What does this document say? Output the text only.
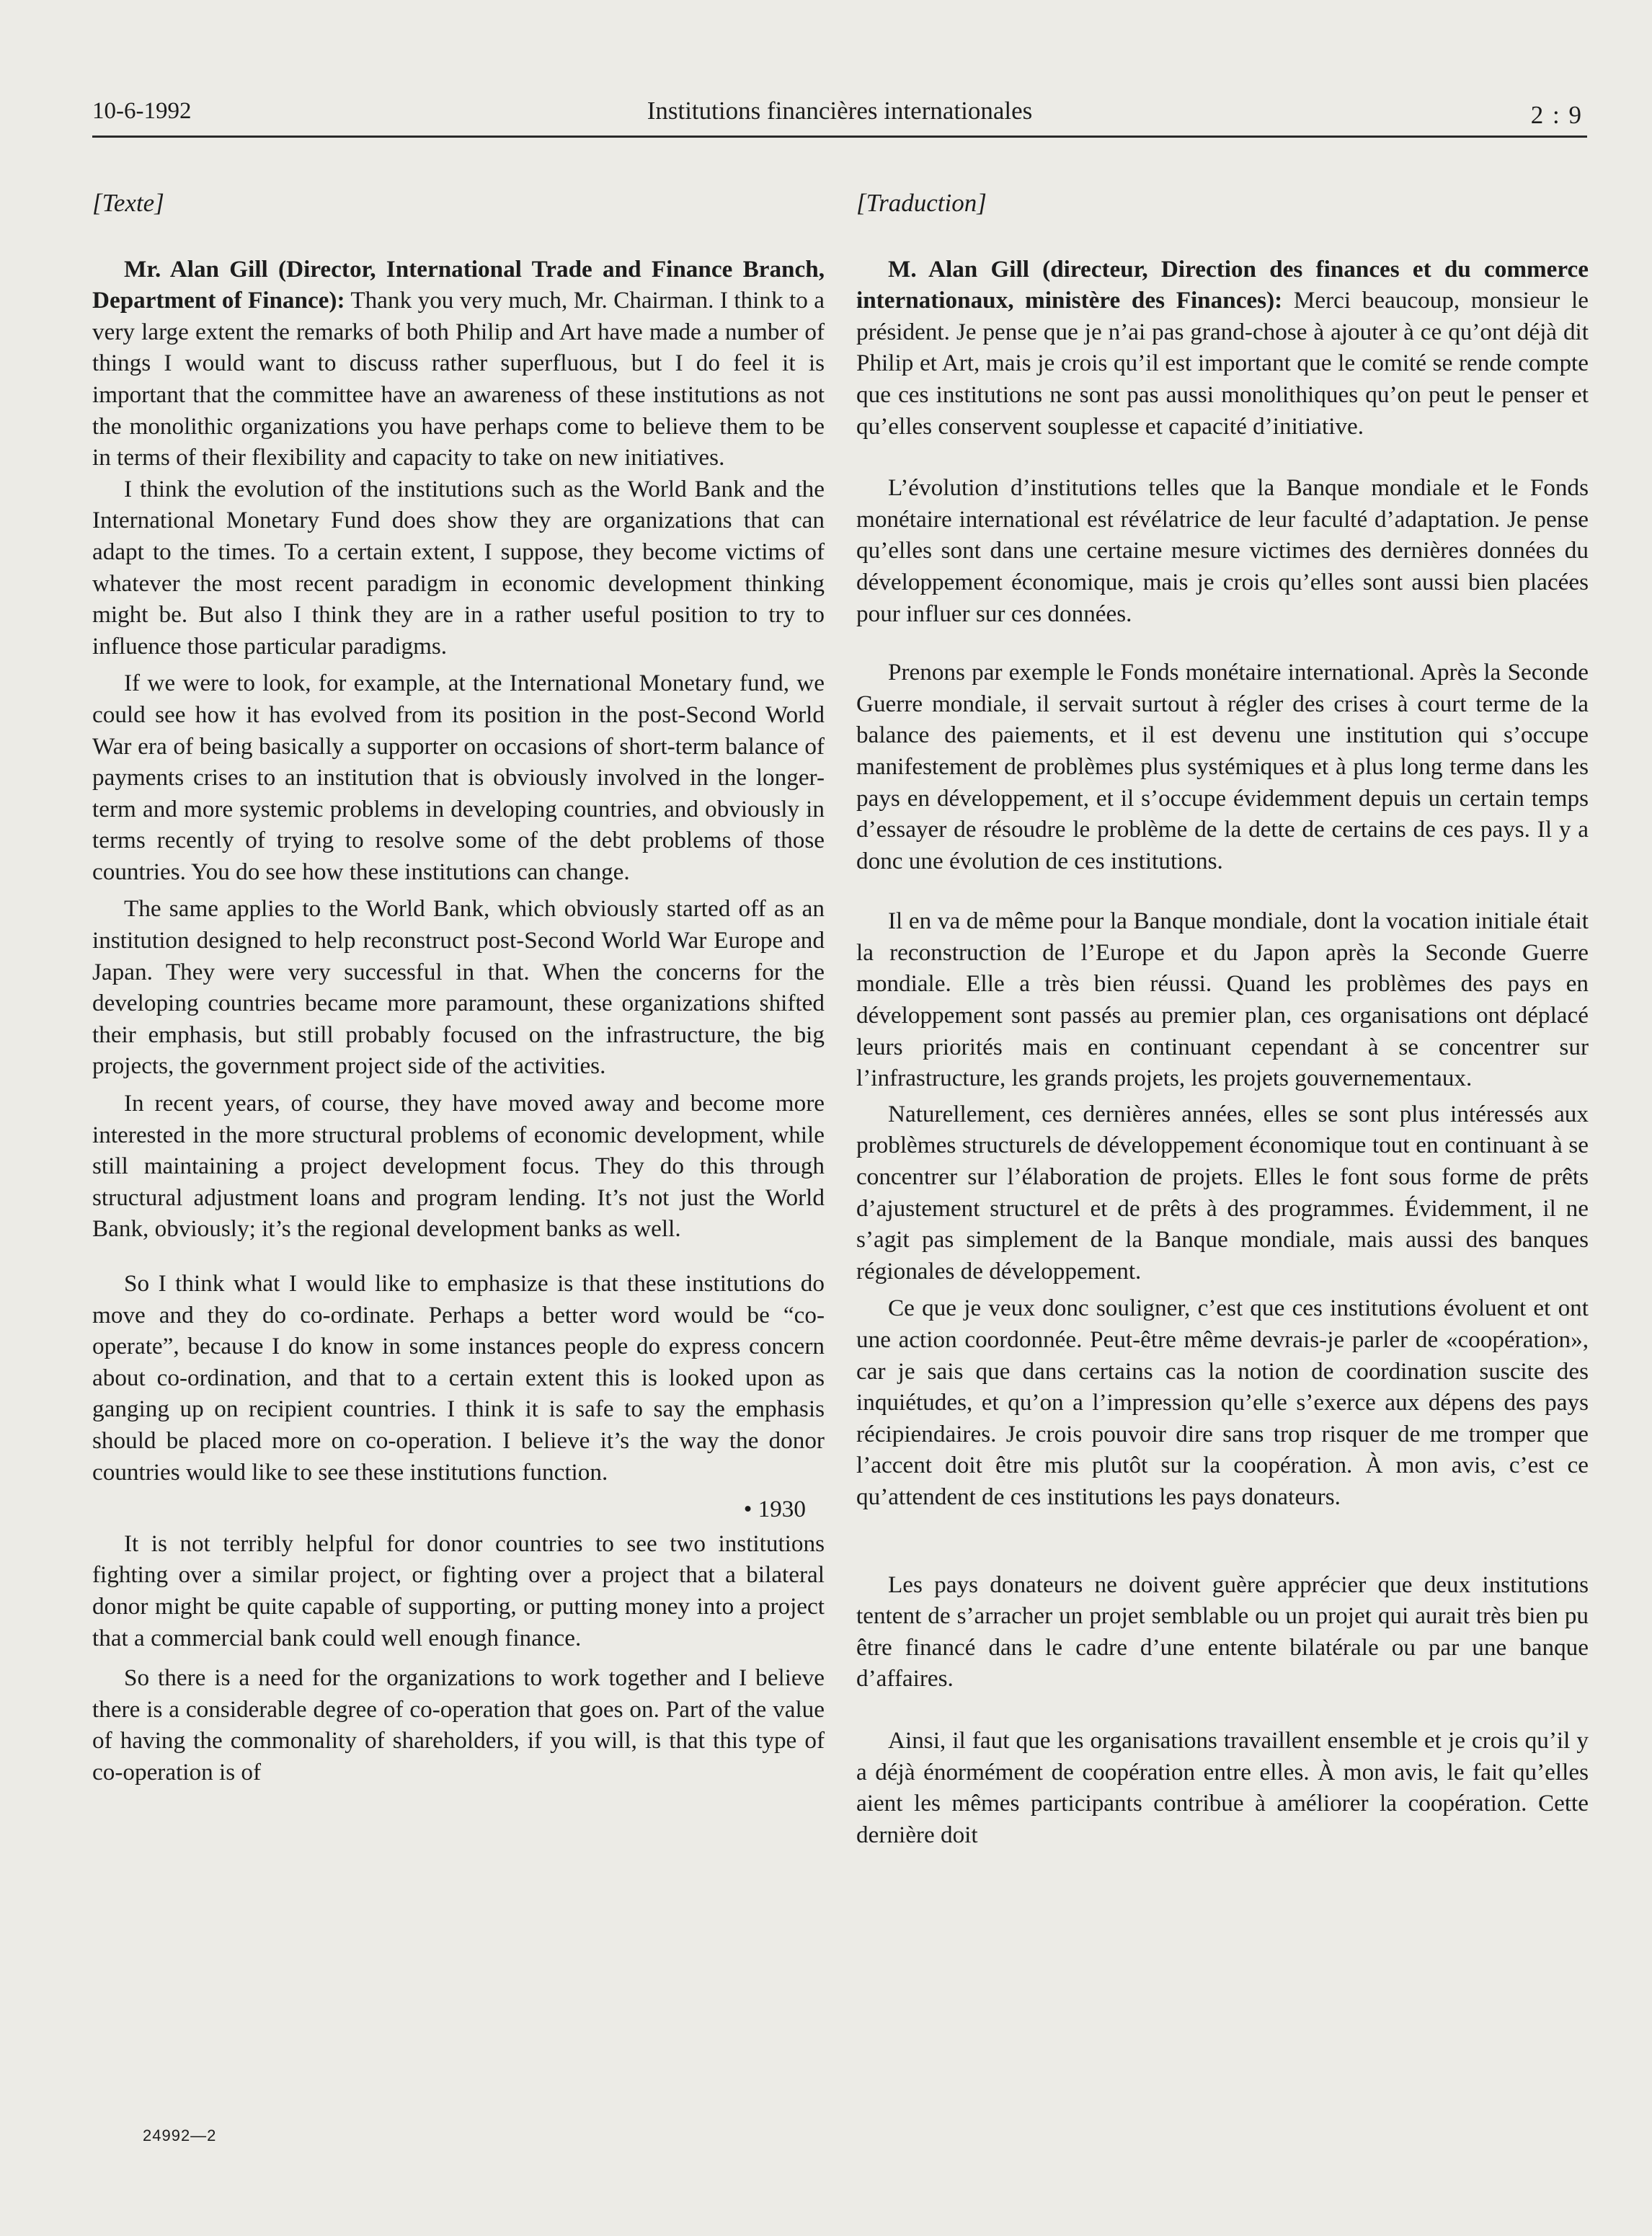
10-6-1992	Institutions financières internationales	2 : 9

[Texte]

Mr. Alan Gill (Director, International Trade and Finance Branch, Department of Finance): Thank you very much, Mr. Chairman. I think to a very large extent the remarks of both Philip and Art have made a number of things I would want to discuss rather superfluous, but I do feel it is important that the committee have an awareness of these institutions as not the monolithic organizations you have perhaps come to believe them to be in terms of their flexibility and capacity to take on new initiatives.

I think the evolution of the institutions such as the World Bank and the International Monetary Fund does show they are organizations that can adapt to the times. To a certain extent, I suppose, they become victims of whatever the most recent paradigm in economic development thinking might be. But also I think they are in a rather useful position to try to influence those particular paradigms.

If we were to look, for example, at the International Monetary fund, we could see how it has evolved from its position in the post-Second World War era of being basically a supporter on occasions of short-term balance of payments crises to an institution that is obviously involved in the longer-term and more systemic problems in developing countries, and obviously in terms recently of trying to resolve some of the debt problems of those countries. You do see how these institutions can change.

The same applies to the World Bank, which obviously started off as an institution designed to help reconstruct post-Second World War Europe and Japan. They were very successful in that. When the concerns for the developing countries became more paramount, these organizations shifted their emphasis, but still probably focused on the infrastructure, the big projects, the government project side of the activities.

In recent years, of course, they have moved away and become more interested in the more structural problems of economic development, while still maintaining a project development focus. They do this through structural adjustment loans and program lending. It’s not just the World Bank, obviously; it’s the regional development banks as well.

So I think what I would like to emphasize is that these institutions do move and they do co-ordinate. Perhaps a better word would be “co-operate”, because I do know in some instances people do express concern about co-ordination, and that to a certain extent this is looked upon as ganging up on recipient countries. I think it is safe to say the emphasis should be placed more on co-operation. I believe it’s the way the donor countries would like to see these institutions function.

• 1930

It is not terribly helpful for donor countries to see two institutions fighting over a similar project, or fighting over a project that a bilateral donor might be quite capable of supporting, or putting money into a project that a commercial bank could well enough finance.

So there is a need for the organizations to work together and I believe there is a considerable degree of co-operation that goes on. Part of the value of having the commonality of shareholders, if you will, is that this type of co-operation is of

[Traduction]

M. Alan Gill (directeur, Direction des finances et du commerce internationaux, ministère des Finances): Merci beaucoup, monsieur le président. Je pense que je n’ai pas grand-chose à ajouter à ce qu’ont déjà dit Philip et Art, mais je crois qu’il est important que le comité se rende compte que ces institutions ne sont pas aussi monolithiques qu’on peut le penser et qu’elles conservent souplesse et capacité d’initiative.

L’évolution d’institutions telles que la Banque mondiale et le Fonds monétaire international est révélatrice de leur faculté d’adaptation. Je pense qu’elles sont dans une certaine mesure victimes des dernières données du développement économique, mais je crois qu’elles sont aussi bien placées pour influer sur ces données.

Prenons par exemple le Fonds monétaire international. Après la Seconde Guerre mondiale, il servait surtout à régler des crises à court terme de la balance des paiements, et il est devenu une institution qui s’occupe manifestement de problèmes plus systémiques et à plus long terme dans les pays en développement, et il s’occupe évidemment depuis un certain temps d’essayer de résoudre le problème de la dette de certains de ces pays. Il y a donc une évolution de ces institutions.

Il en va de même pour la Banque mondiale, dont la vocation initiale était la reconstruction de l’Europe et du Japon après la Seconde Guerre mondiale. Elle a très bien réussi. Quand les problèmes des pays en développement sont passés au premier plan, ces organisations ont déplacé leurs priorités mais en continuant cependant à se concentrer sur l’infrastructure, les grands projets, les projets gouvernementaux.

Naturellement, ces dernières années, elles se sont plus intéressés aux problèmes structurels de développement économique tout en continuant à se concentrer sur l’élaboration de projets. Elles le font sous forme de prêts d’ajustement structurel et de prêts à des programmes. Évidemment, il ne s’agit pas simplement de la Banque mondiale, mais aussi des banques régionales de développement.

Ce que je veux donc souligner, c’est que ces institutions évoluent et ont une action coordonnée. Peut-être même devrais-je parler de «coopération», car je sais que dans certains cas la notion de coordination suscite des inquiétudes, et qu’on a l’impression qu’elle s’exerce aux dépens des pays récipiendaires. Je crois pouvoir dire sans trop risquer de me tromper que l’accent doit être mis plutôt sur la coopération. À mon avis, c’est ce qu’attendent de ces institutions les pays donateurs.

Les pays donateurs ne doivent guère apprécier que deux institutions tentent de s’arracher un projet semblable ou un projet qui aurait très bien pu être financé dans le cadre d’une entente bilatérale ou par une banque d’affaires.

Ainsi, il faut que les organisations travaillent ensemble et je crois qu’il y a déjà énormément de coopération entre elles. À mon avis, le fait qu’elles aient les mêmes participants contribue à améliorer la coopération. Cette dernière doit

24992—2
